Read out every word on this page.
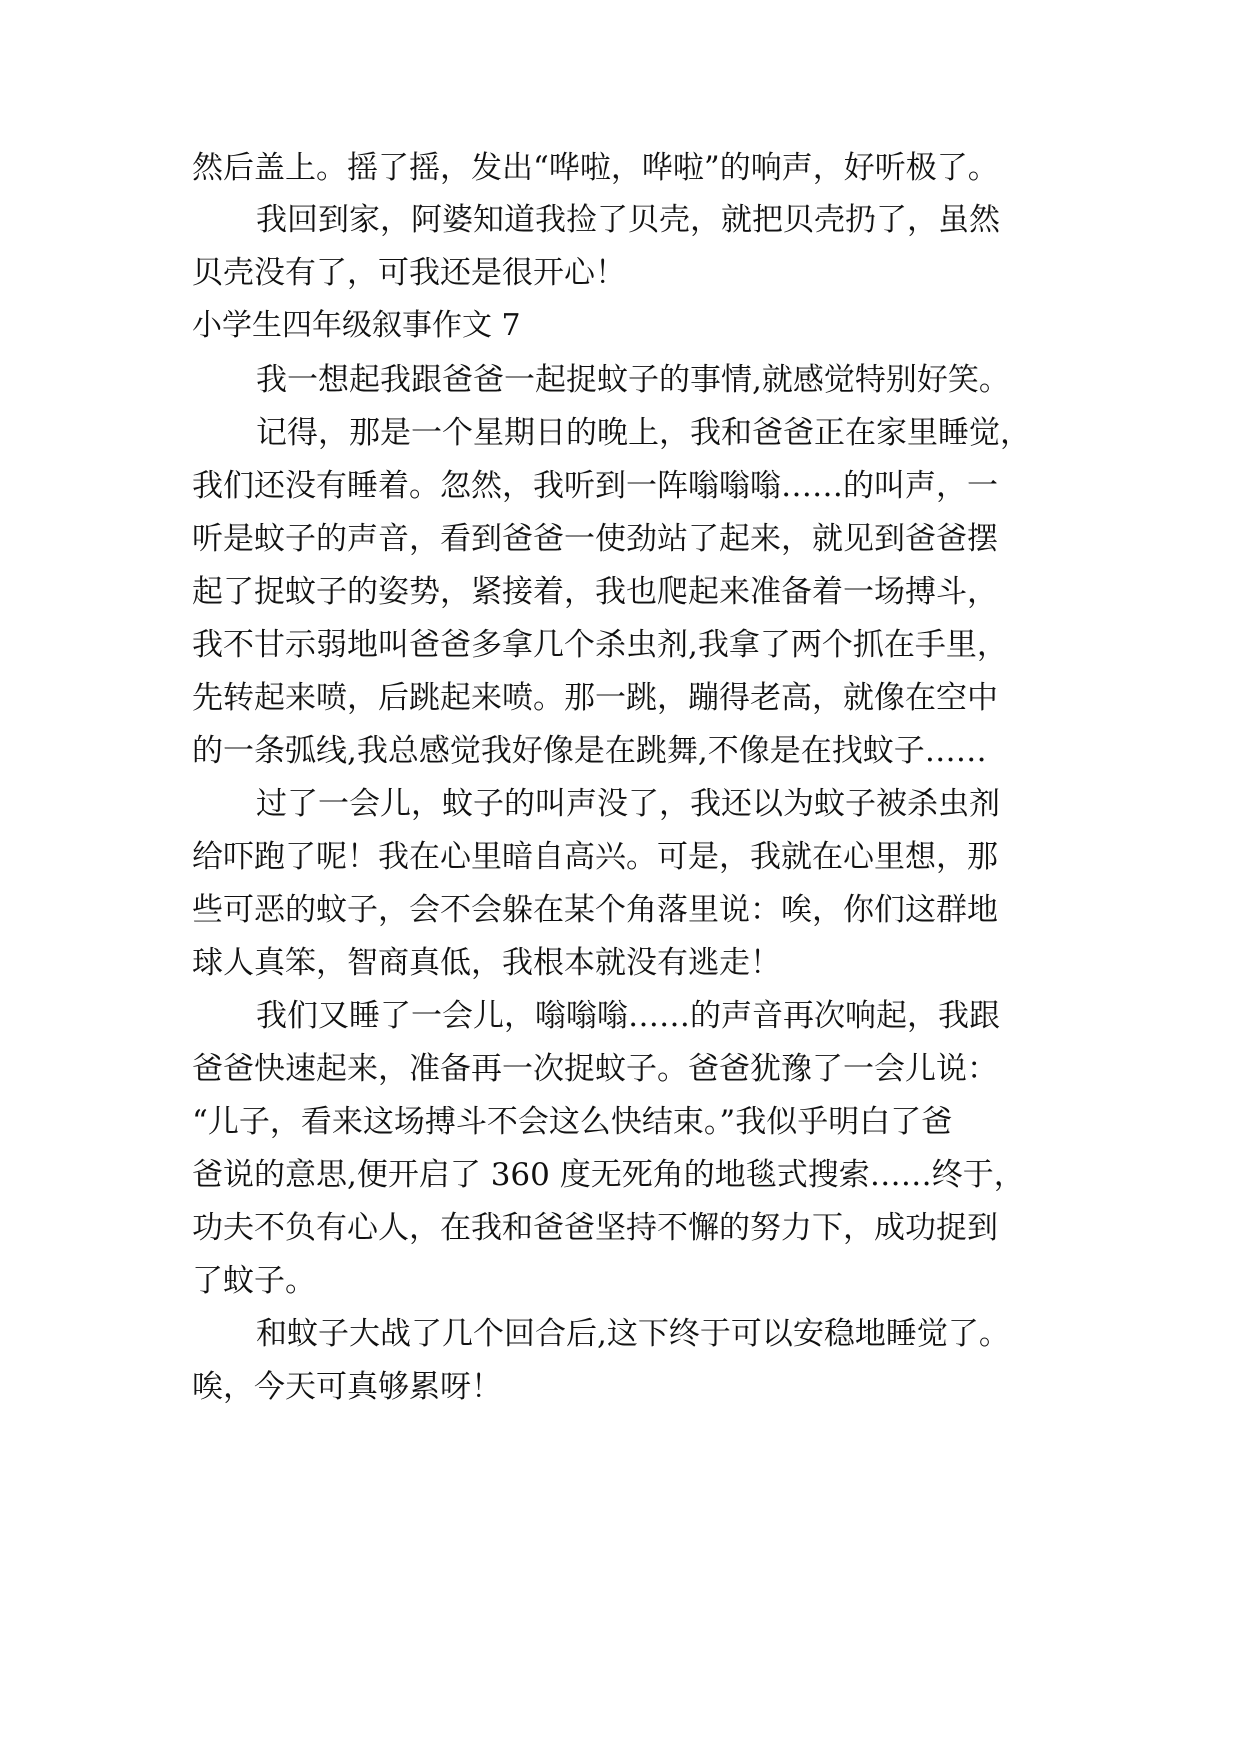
然后盖上。摇了摇，发出“哗啦，哗啦”的响声，好听极了。

我回到家，阿婆知道我捡了贝壳，就把贝壳扔了，虽然

贝壳没有了，可我还是很开心！

小学生四年级叙事作文 7

我一想起我跟爸爸一起捉蚊子的事情,就感觉特别好笑。

记得，那是一个星期日的晚上，我和爸爸正在家里睡觉，

我们还没有睡着。忽然，我听到一阵嗡嗡嗡……的叫声，一

听是蚊子的声音，看到爸爸一使劲站了起来，就见到爸爸摆

起了捉蚊子的姿势，紧接着，我也爬起来准备着一场搏斗，

我不甘示弱地叫爸爸多拿几个杀虫剂,我拿了两个抓在手里，

先转起来喷，后跳起来喷。那一跳，蹦得老高，就像在空中

的一条弧线,我总感觉我好像是在跳舞,不像是在找蚊子……

过了一会儿，蚊子的叫声没了，我还以为蚊子被杀虫剂

给吓跑了呢！我在心里暗自高兴。可是，我就在心里想，那

些可恶的蚊子，会不会躲在某个角落里说：唉，你们这群地

球人真笨，智商真低，我根本就没有逃走！

我们又睡了一会儿，嗡嗡嗡……的声音再次响起，我跟

爸爸快速起来，准备再一次捉蚊子。爸爸犹豫了一会儿说：

“儿子，看来这场搏斗不会这么快结束。”我似乎明白了爸

爸说的意思,便开启了 360 度无死角的地毯式搜索……终于，

功夫不负有心人，在我和爸爸坚持不懈的努力下，成功捉到

了蚊子。

和蚊子大战了几个回合后,这下终于可以安稳地睡觉了。

唉，今天可真够累呀！
